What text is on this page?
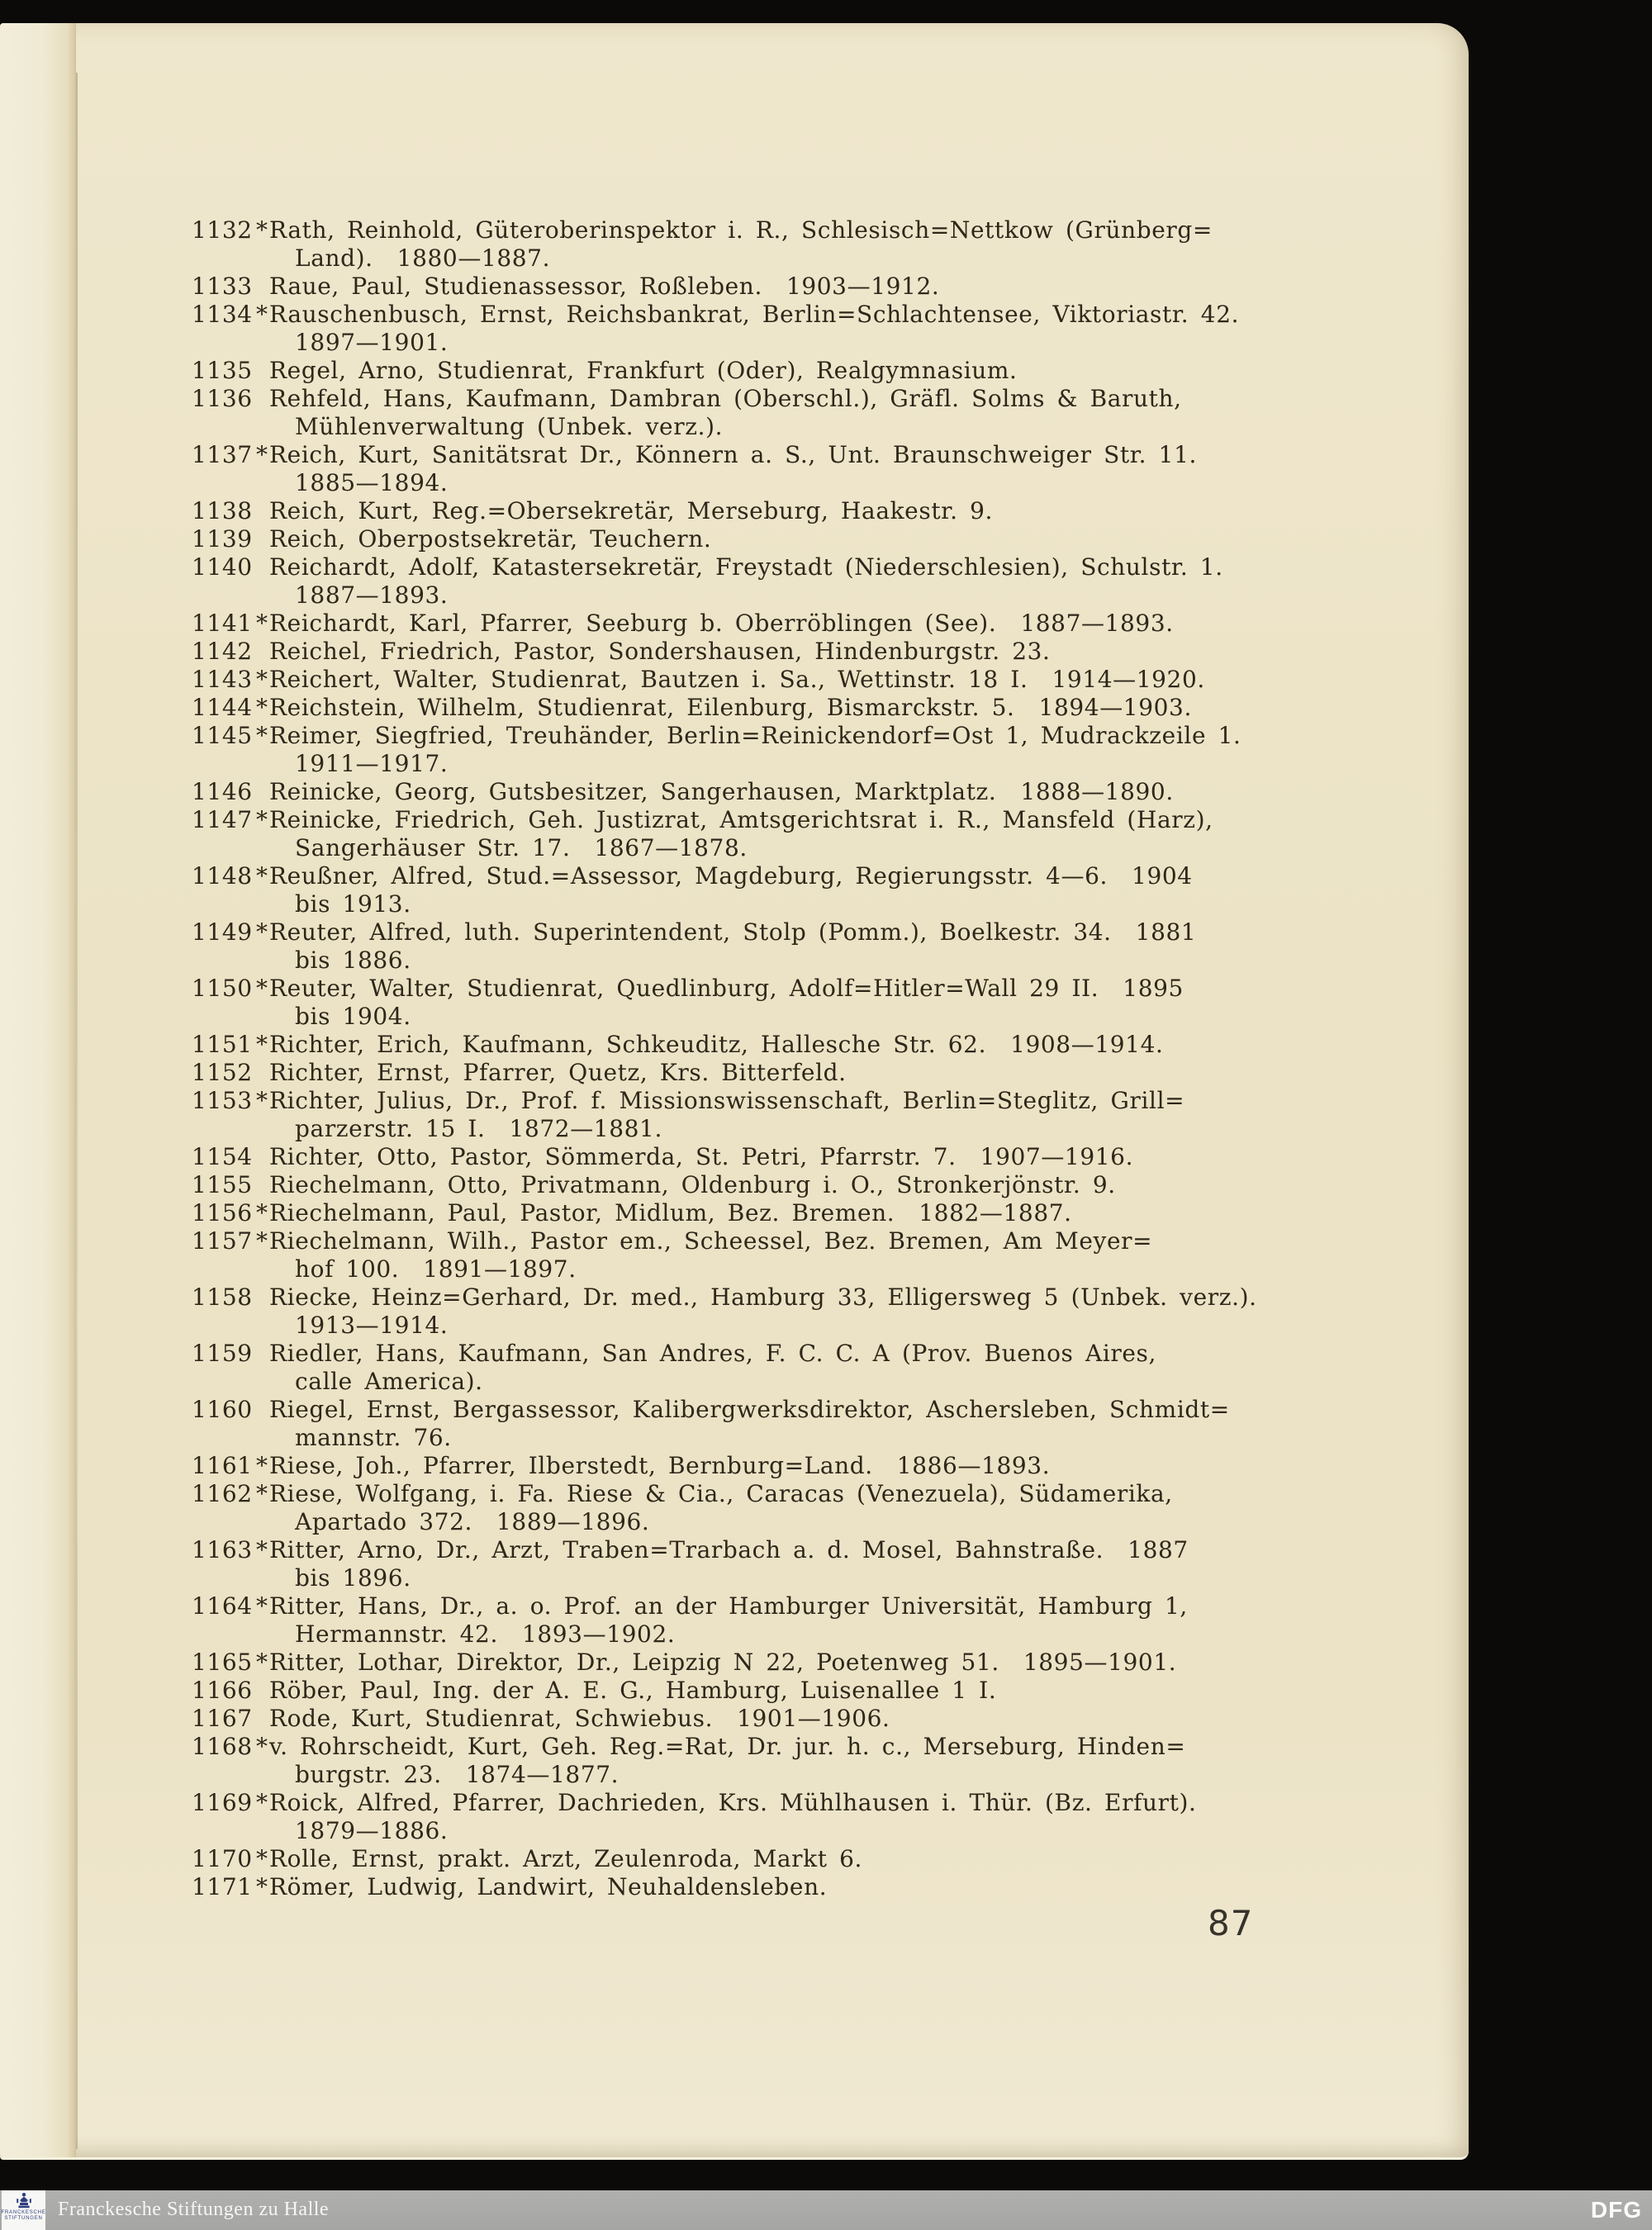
1132 *Rath, Reinhold, Güteroberinspektor i. R., Schlesisch=Nettkow (Grünberg=
Land).  1880—1887.
1133 Raue, Paul, Studienassessor, Roßleben.  1903—1912.
1134 *Rauschenbusch, Ernst, Reichsbankrat, Berlin=Schlachtensee, Viktoriastr. 42.
1897—1901.
1135 Regel, Arno, Studienrat, Frankfurt (Oder), Realgymnasium.
1136 Rehfeld, Hans, Kaufmann, Dambran (Oberschl.), Gräfl. Solms & Baruth,
Mühlenverwaltung (Unbek. verz.).
1137 *Reich, Kurt, Sanitätsrat Dr., Könnern a. S., Unt. Braunschweiger Str. 11.
1885—1894.
1138 Reich, Kurt, Reg.=Obersekretär, Merseburg, Haakestr. 9.
1139 Reich, Oberpostsekretär, Teuchern.
1140 Reichardt, Adolf, Katastersekretär, Freystadt (Niederschlesien), Schulstr. 1.
1887—1893.
1141 *Reichardt, Karl, Pfarrer, Seeburg b. Oberröblingen (See).  1887—1893.
1142 Reichel, Friedrich, Pastor, Sondershausen, Hindenburgstr. 23.
1143 *Reichert, Walter, Studienrat, Bautzen i. Sa., Wettinstr. 18 I.  1914—1920.
1144 *Reichstein, Wilhelm, Studienrat, Eilenburg, Bismarckstr. 5.  1894—1903.
1145 *Reimer, Siegfried, Treuhänder, Berlin=Reinickendorf=Ost 1, Mudrackzeile 1.
1911—1917.
1146 Reinicke, Georg, Gutsbesitzer, Sangerhausen, Marktplatz.  1888—1890.
1147 *Reinicke, Friedrich, Geh. Justizrat, Amtsgerichtsrat i. R., Mansfeld (Harz),
Sangerhäuser Str. 17.  1867—1878.
1148 *Reußner, Alfred, Stud.=Assessor, Magdeburg, Regierungsstr. 4—6.  1904
bis 1913.
1149 *Reuter, Alfred, luth. Superintendent, Stolp (Pomm.), Boelkestr. 34.  1881
bis 1886.
1150 *Reuter, Walter, Studienrat, Quedlinburg, Adolf=Hitler=Wall 29 II.  1895
bis 1904.
1151 *Richter, Erich, Kaufmann, Schkeuditz, Hallesche Str. 62.  1908—1914.
1152 Richter, Ernst, Pfarrer, Quetz, Krs. Bitterfeld.
1153 *Richter, Julius, Dr., Prof. f. Missionswissenschaft, Berlin=Steglitz, Grill=
parzerstr. 15 I.  1872—1881.
1154 Richter, Otto, Pastor, Sömmerda, St. Petri, Pfarrstr. 7.  1907—1916.
1155 Riechelmann, Otto, Privatmann, Oldenburg i. O., Stronkerjönstr. 9.
1156 *Riechelmann, Paul, Pastor, Midlum, Bez. Bremen.  1882—1887.
1157 *Riechelmann, Wilh., Pastor em., Scheessel, Bez. Bremen, Am Meyer=
hof 100.  1891—1897.
1158 Riecke, Heinz=Gerhard, Dr. med., Hamburg 33, Elligersweg 5 (Unbek. verz.).
1913—1914.
1159 Riedler, Hans, Kaufmann, San Andres, F. C. C. A (Prov. Buenos Aires,
calle America).
1160 Riegel, Ernst, Bergassessor, Kalibergwerksdirektor, Aschersleben, Schmidt=
mannstr. 76.
1161 *Riese, Joh., Pfarrer, Ilberstedt, Bernburg=Land.  1886—1893.
1162 *Riese, Wolfgang, i. Fa. Riese & Cia., Caracas (Venezuela), Südamerika,
Apartado 372.  1889—1896.
1163 *Ritter, Arno, Dr., Arzt, Traben=Trarbach a. d. Mosel, Bahnstraße.  1887
bis 1896.
1164 *Ritter, Hans, Dr., a. o. Prof. an der Hamburger Universität, Hamburg 1,
Hermannstr. 42.  1893—1902.
1165 *Ritter, Lothar, Direktor, Dr., Leipzig N 22, Poetenweg 51.  1895—1901.
1166 Röber, Paul, Ing. der A. E. G., Hamburg, Luisenallee 1 I.
1167 Rode, Kurt, Studienrat, Schwiebus.  1901—1906.
1168 *v. Rohrscheidt, Kurt, Geh. Reg.=Rat, Dr. jur. h. c., Merseburg, Hinden=
burgstr. 23.  1874—1877.
1169 *Roick, Alfred, Pfarrer, Dachrieden, Krs. Mühlhausen i. Thür. (Bz. Erfurt).
1879—1886.
1170 *Rolle, Ernst, prakt. Arzt, Zeulenroda, Markt 6.
1171 *Römer, Ludwig, Landwirt, Neuhaldensleben.
87
FRANCKESCHE
STIFTUNGEN Franckesche Stiftungen zu Halle	DFG
